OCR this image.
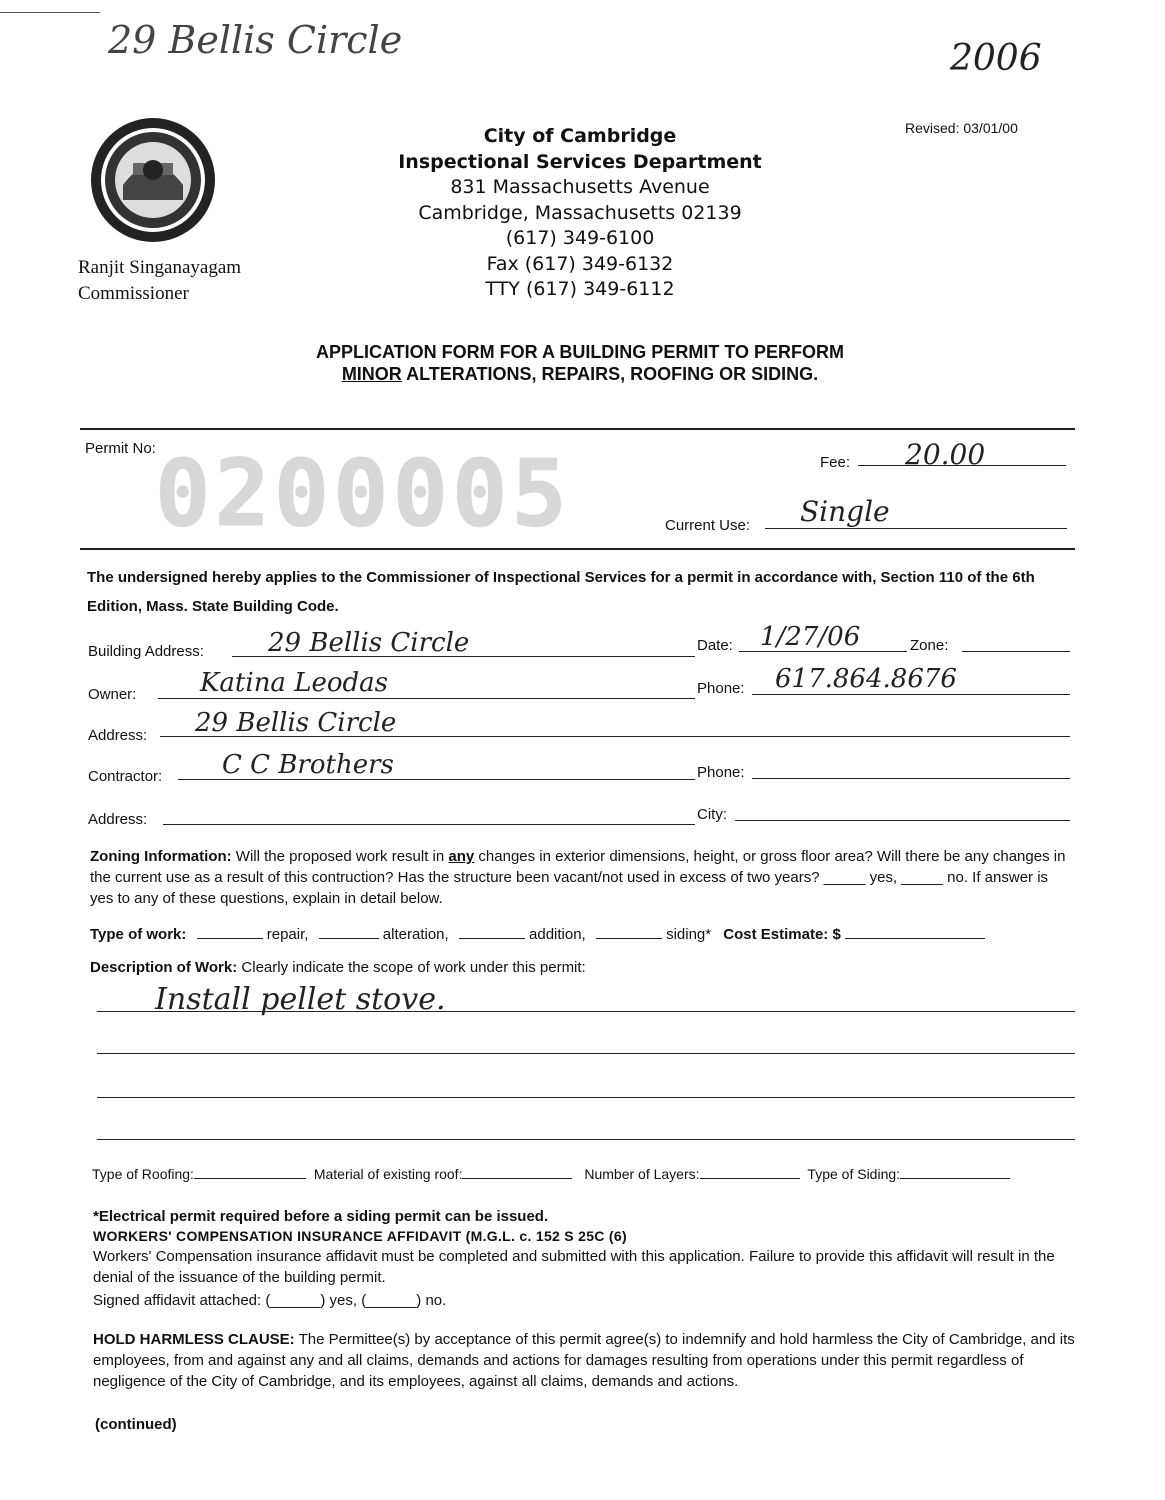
29 Bellis Circle	2006
Ranjit Singanayagam
Commissioner
City of Cambridge
Inspectional Services Department
831 Massachusetts Avenue
Cambridge, Massachusetts 02139
(617) 349-6100
Fax (617) 349-6132
TTY (617) 349-6112
Revised: 03/01/00
APPLICATION FORM FOR A BUILDING PERMIT TO PERFORM
MINOR ALTERATIONS, REPAIRS, ROOFING OR SIDING.
Permit No: 0200005	Fee: 20.00
Current Use: Single
The undersigned hereby applies to the Commissioner of Inspectional Services for a permit in accordance with, Section 110 of the 6th Edition, Mass. State Building Code.
Building Address: 29 Bellis Circle	Date: 1/27/06	Zone:
Owner: Katina Leodas	Phone: 617.864.8676
Address: 29 Bellis Circle
Contractor: C C Brothers	Phone:
Address:	City:
Zoning Information: Will the proposed work result in any changes in exterior dimensions, height, or gross floor area? Will there be any changes in the current use as a result of this contruction? Has the structure been vacant/not used in excess of two years? _____ yes, _____ no. If answer is yes to any of these questions, explain in detail below.
Type of work:	repair,	alteration,	addition,	siding* Cost Estimate: $
Description of Work: Clearly indicate the scope of work under this permit:
Install pellet stove.
Type of Roofing:	Material of existing roof:	Number of Layers:	Type of Siding:
*Electrical permit required before a siding permit can be issued.
WORKERS' COMPENSATION INSURANCE AFFIDAVIT (M.G.L. c. 152 S 25C (6)
Workers' Compensation insurance affidavit must be completed and submitted with this application. Failure to provide this affidavit will result in the denial of the issuance of the building permit.
Signed affidavit attached: (______) yes, (______) no.
HOLD HARMLESS CLAUSE: The Permittee(s) by acceptance of this permit agree(s) to indemnify and hold harmless the City of Cambridge, and its employees, from and against any and all claims, demands and actions for damages resulting from operations under this permit regardless of negligence of the City of Cambridge, and its employees, against all claims, demands and actions.
(continued)
